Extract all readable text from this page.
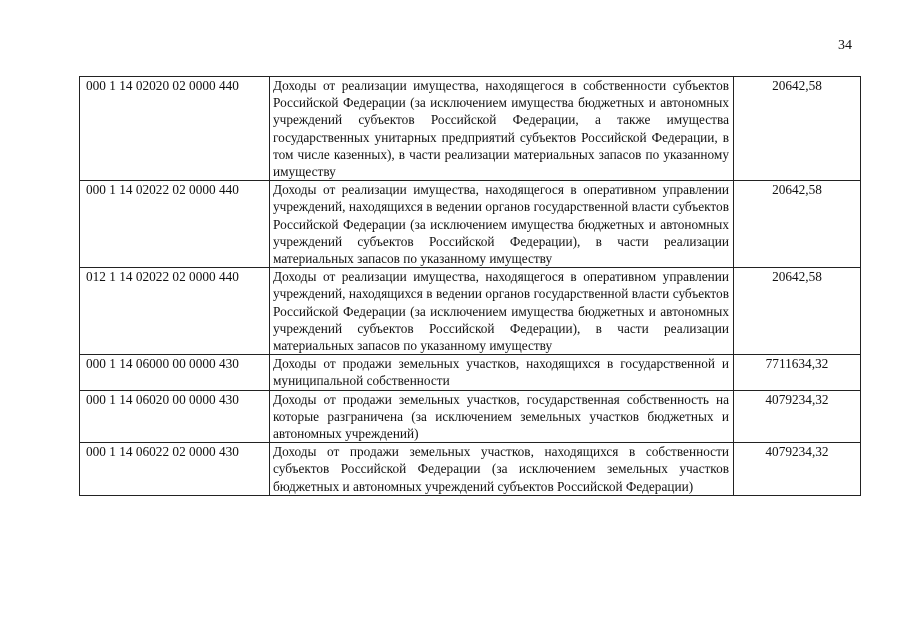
34
000 1 14 02020 02 0000 440	Доходы от реализации имущества, находящегося в собственности субъектов Российской Федерации (за исключением имущества бюджетных и автономных учреждений субъектов Российской Федерации, а также имущества государственных унитарных предприятий субъектов Российской Федерации, в том числе казенных), в части реализации материальных запасов по указанному имуществу	20642,58
000 1 14 02022 02 0000 440	Доходы от реализации имущества, находящегося в оперативном управлении учреждений, находящихся в ведении органов государственной власти субъектов Российской Федерации (за исключением имущества бюджетных и автономных учреждений субъектов Российской Федерации), в части реализации материальных запасов по указанному имуществу	20642,58
012 1 14 02022 02 0000 440	Доходы от реализации имущества, находящегося в оперативном управлении учреждений, находящихся в ведении органов государственной власти субъектов Российской Федерации (за исключением имущества бюджетных и автономных учреждений субъектов Российской Федерации), в части реализации материальных запасов по указанному имуществу	20642,58
000 1 14 06000 00 0000 430	Доходы от продажи земельных участков, находящихся в государственной и муниципальной собственности	7711634,32
000 1 14 06020 00 0000 430	Доходы от продажи земельных участков, государственная собственность на которые разграничена (за исключением земельных участков бюджетных и автономных учреждений)	4079234,32
000 1 14 06022 02 0000 430	Доходы от продажи земельных участков, находящихся в собственности субъектов Российской Федерации (за исключением земельных участков бюджетных и автономных учреждений субъектов Российской Федерации)	4079234,32
